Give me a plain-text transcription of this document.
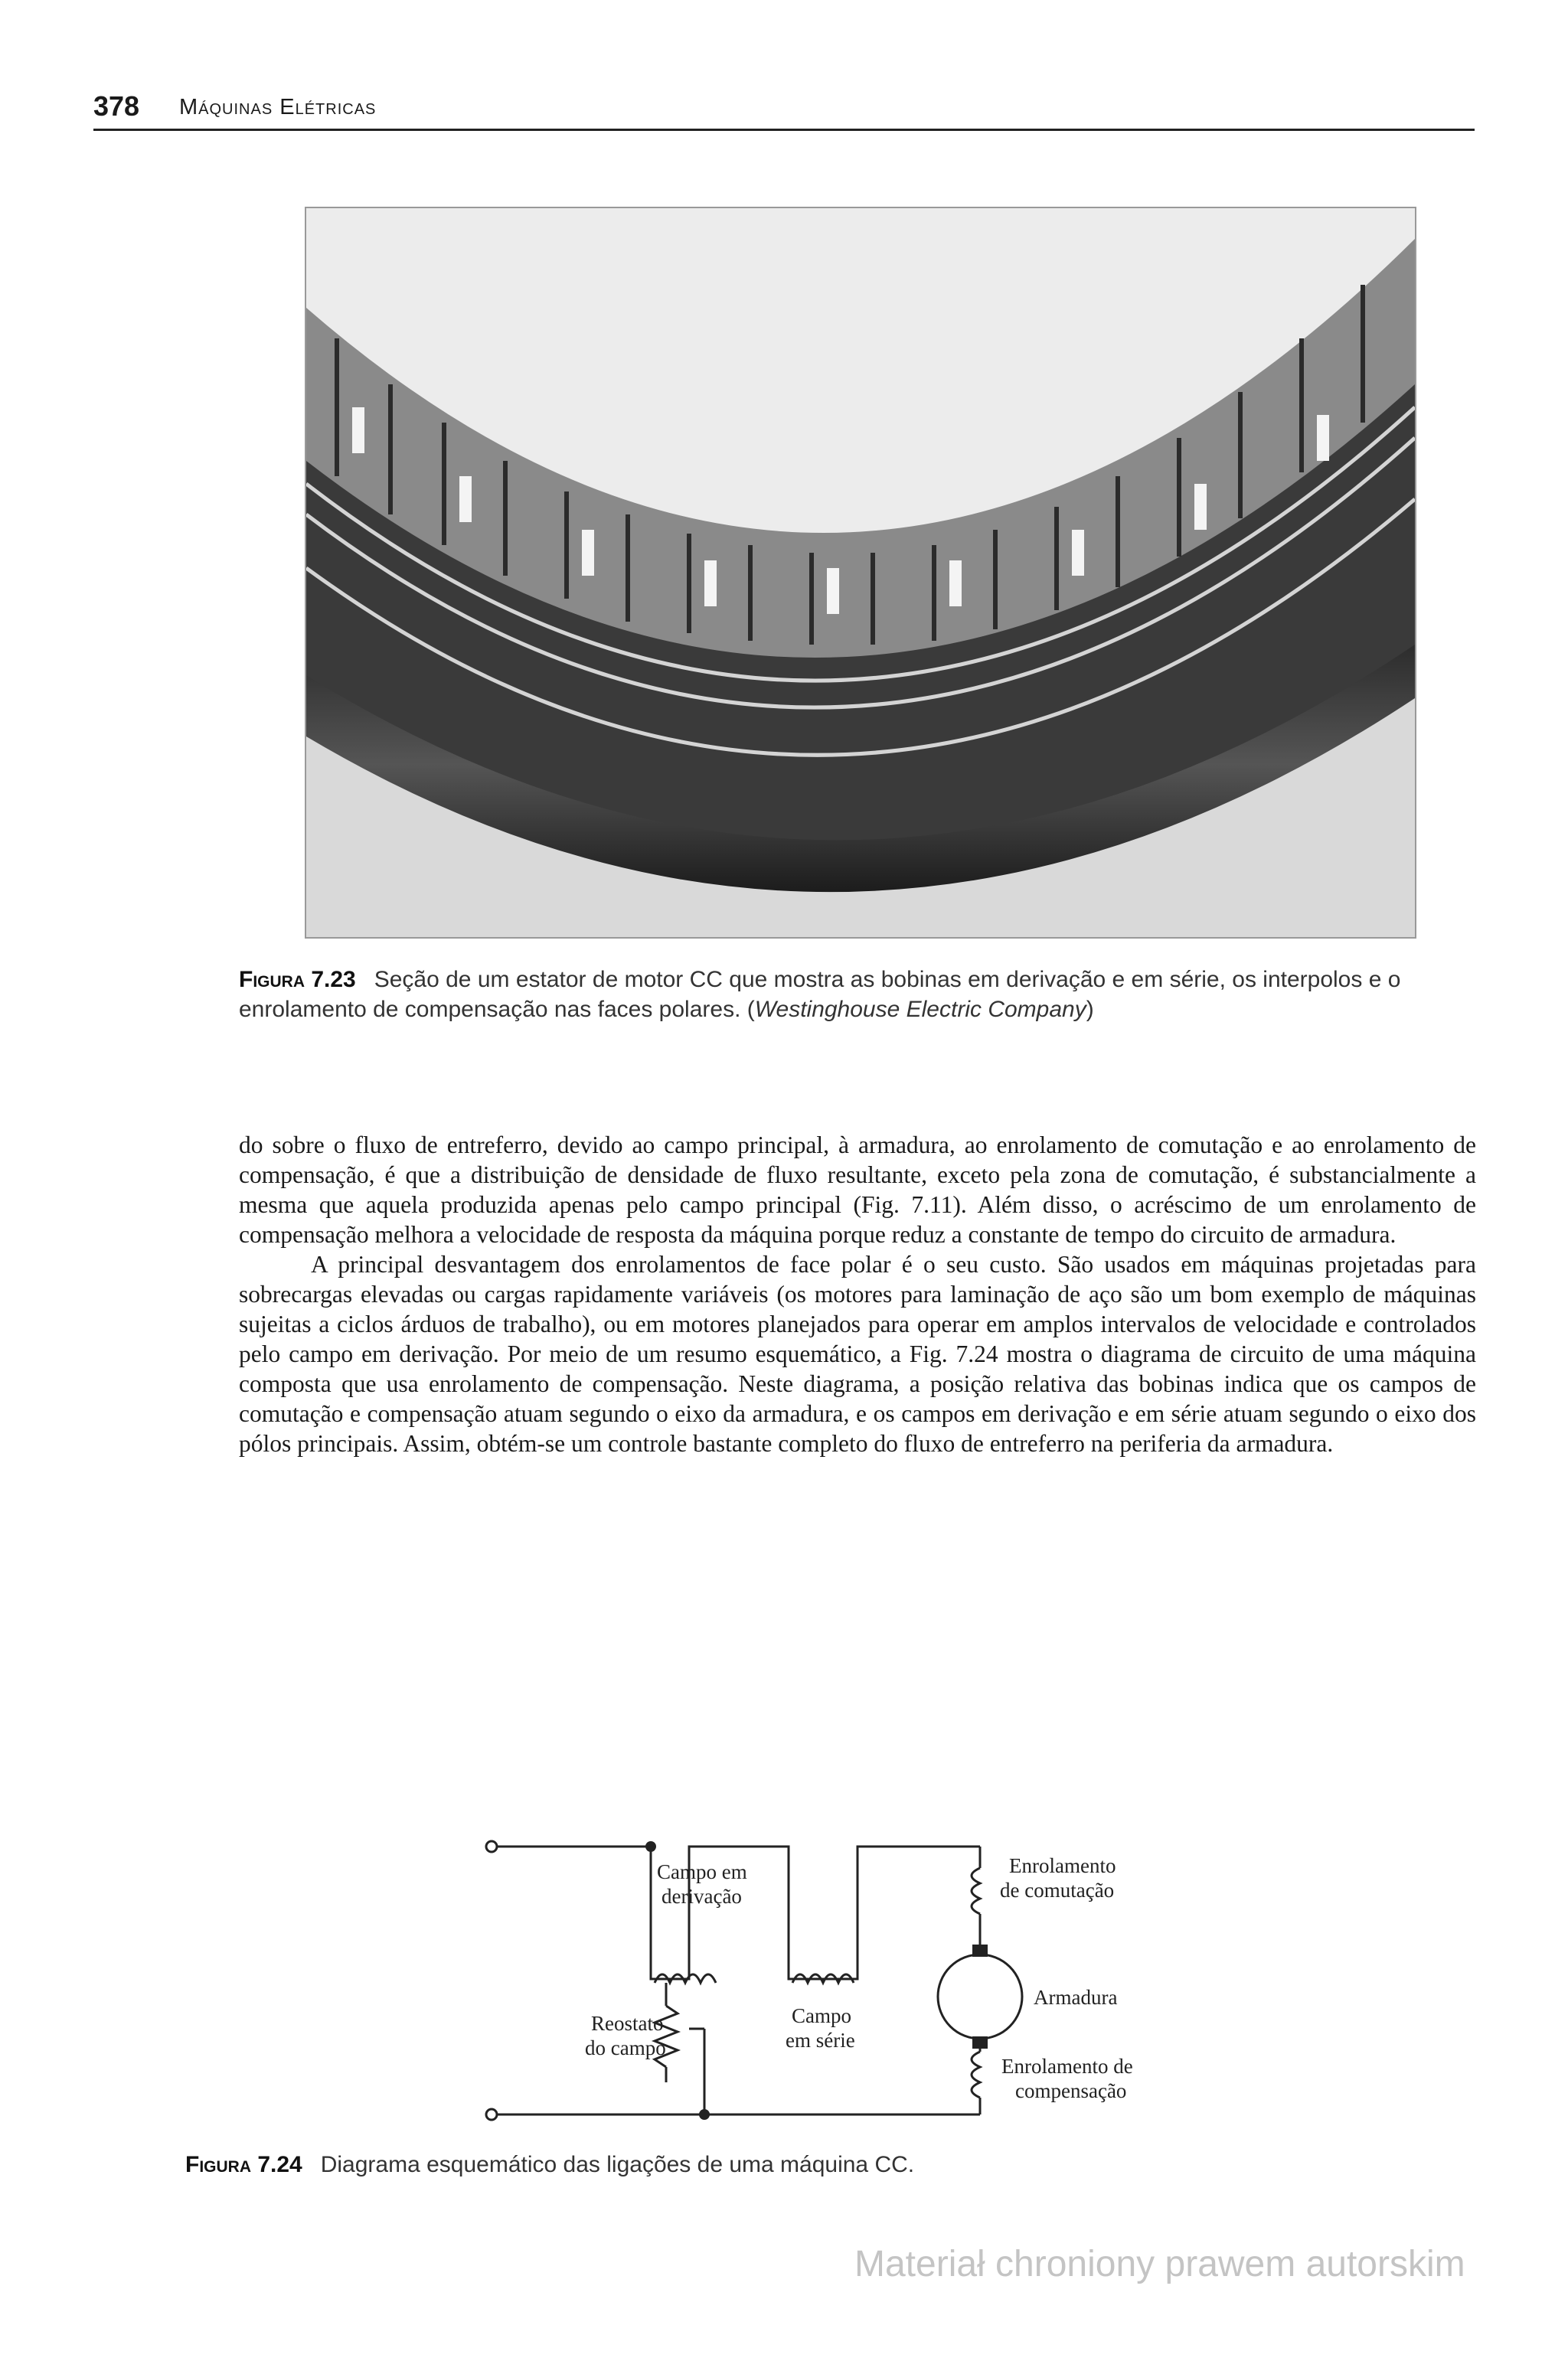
378 Máquinas Elétricas
Figura 7.23 Seção de um estator de motor CC que mostra as bobinas em derivação e em série, os interpolos e o enrolamento de compensação nas faces polares. (Westinghouse Electric Company)

do sobre o fluxo de entreferro, devido ao campo principal, à armadura, ao enrolamento de comutação e ao enrolamento de compensação, é que a distribuição de densidade de fluxo resultante, exceto pela zona de comutação, é substancialmente a mesma que aquela produzida apenas pelo campo principal (Fig. 7.11). Além disso, o acréscimo de um enrolamento de compensação melhora a velocidade de resposta da máquina porque reduz a constante de tempo do circuito de armadura.

A principal desvantagem dos enrolamentos de face polar é o seu custo. São usados em máquinas projetadas para sobrecargas elevadas ou cargas rapidamente variáveis (os motores para laminação de aço são um bom exemplo de máquinas sujeitas a ciclos árduos de trabalho), ou em motores planejados para operar em amplos intervalos de velocidade e controlados pelo campo em derivação. Por meio de um resumo esquemático, a Fig. 7.24 mostra o diagrama de circuito de uma máquina composta que usa enrolamento de compensação. Neste diagrama, a posição relativa das bobinas indica que os campos de comutação e compensação atuam segundo o eixo da armadura, e os campos em derivação e em série atuam segundo o eixo dos pólos principais. Assim, obtém-se um controle bastante completo do fluxo de entreferro na periferia da armadura.

Campo em
derivação
Reostato
do campo
Campo
em série
Enrolamento
de comutação
Armadura
Enrolamento de
compensação
Figura 7.24 Diagrama esquemático das ligações de uma máquina CC.
Materiał chroniony prawem autorskim
